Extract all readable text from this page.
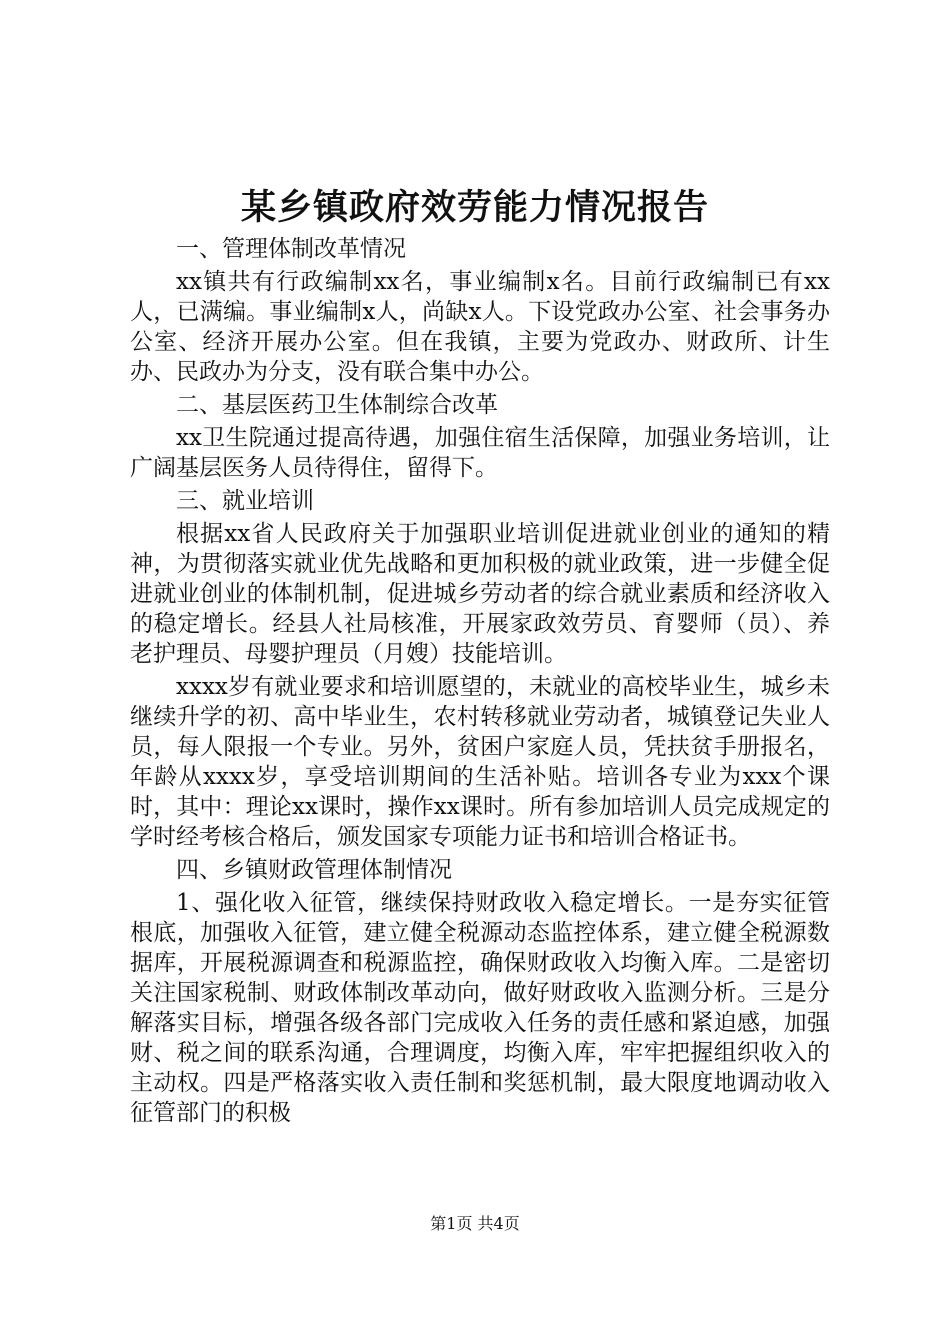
某乡镇政府效劳能力情况报告

一、管理体制改革情况

xx镇共有行政编制xx名，事业编制x名。目前行政编制已有xx人，已满编。事业编制x人，尚缺x人。下设党政办公室、社会事务办公室、经济开展办公室。但在我镇，主要为党政办、财政所、计生办、民政办为分支，没有联合集中办公。

二、基层医药卫生体制综合改革

xx卫生院通过提高待遇，加强住宿生活保障，加强业务培训，让广阔基层医务人员待得住，留得下。

三、就业培训

根据xx省人民政府关于加强职业培训促进就业创业的通知的精神，为贯彻落实就业优先战略和更加积极的就业政策，进一步健全促进就业创业的体制机制，促进城乡劳动者的综合就业素质和经济收入的稳定增长。经县人社局核准，开展家政效劳员、育婴师（员）、养老护理员、母婴护理员（月嫂）技能培训。

xxxx岁有就业要求和培训愿望的，未就业的高校毕业生，城乡未继续升学的初、高中毕业生，农村转移就业劳动者，城镇登记失业人员，每人限报一个专业。另外，贫困户家庭人员，凭扶贫手册报名，年龄从xxxx岁，享受培训期间的生活补贴。培训各专业为xxx个课时，其中：理论xx课时，操作xx课时。所有参加培训人员完成规定的学时经考核合格后，颁发国家专项能力证书和培训合格证书。

四、乡镇财政管理体制情况

1、强化收入征管，继续保持财政收入稳定增长。一是夯实征管根底，加强收入征管，建立健全税源动态监控体系，建立健全税源数据库，开展税源调查和税源监控，确保财政收入均衡入库。二是密切关注国家税制、财政体制改革动向，做好财政收入监测分析。三是分解落实目标，增强各级各部门完成收入任务的责任感和紧迫感，加强财、税之间的联系沟通，合理调度，均衡入库，牢牢把握组织收入的主动权。四是严格落实收入责任制和奖惩机制，最大限度地调动收入征管部门的积极

第1页 共4页
